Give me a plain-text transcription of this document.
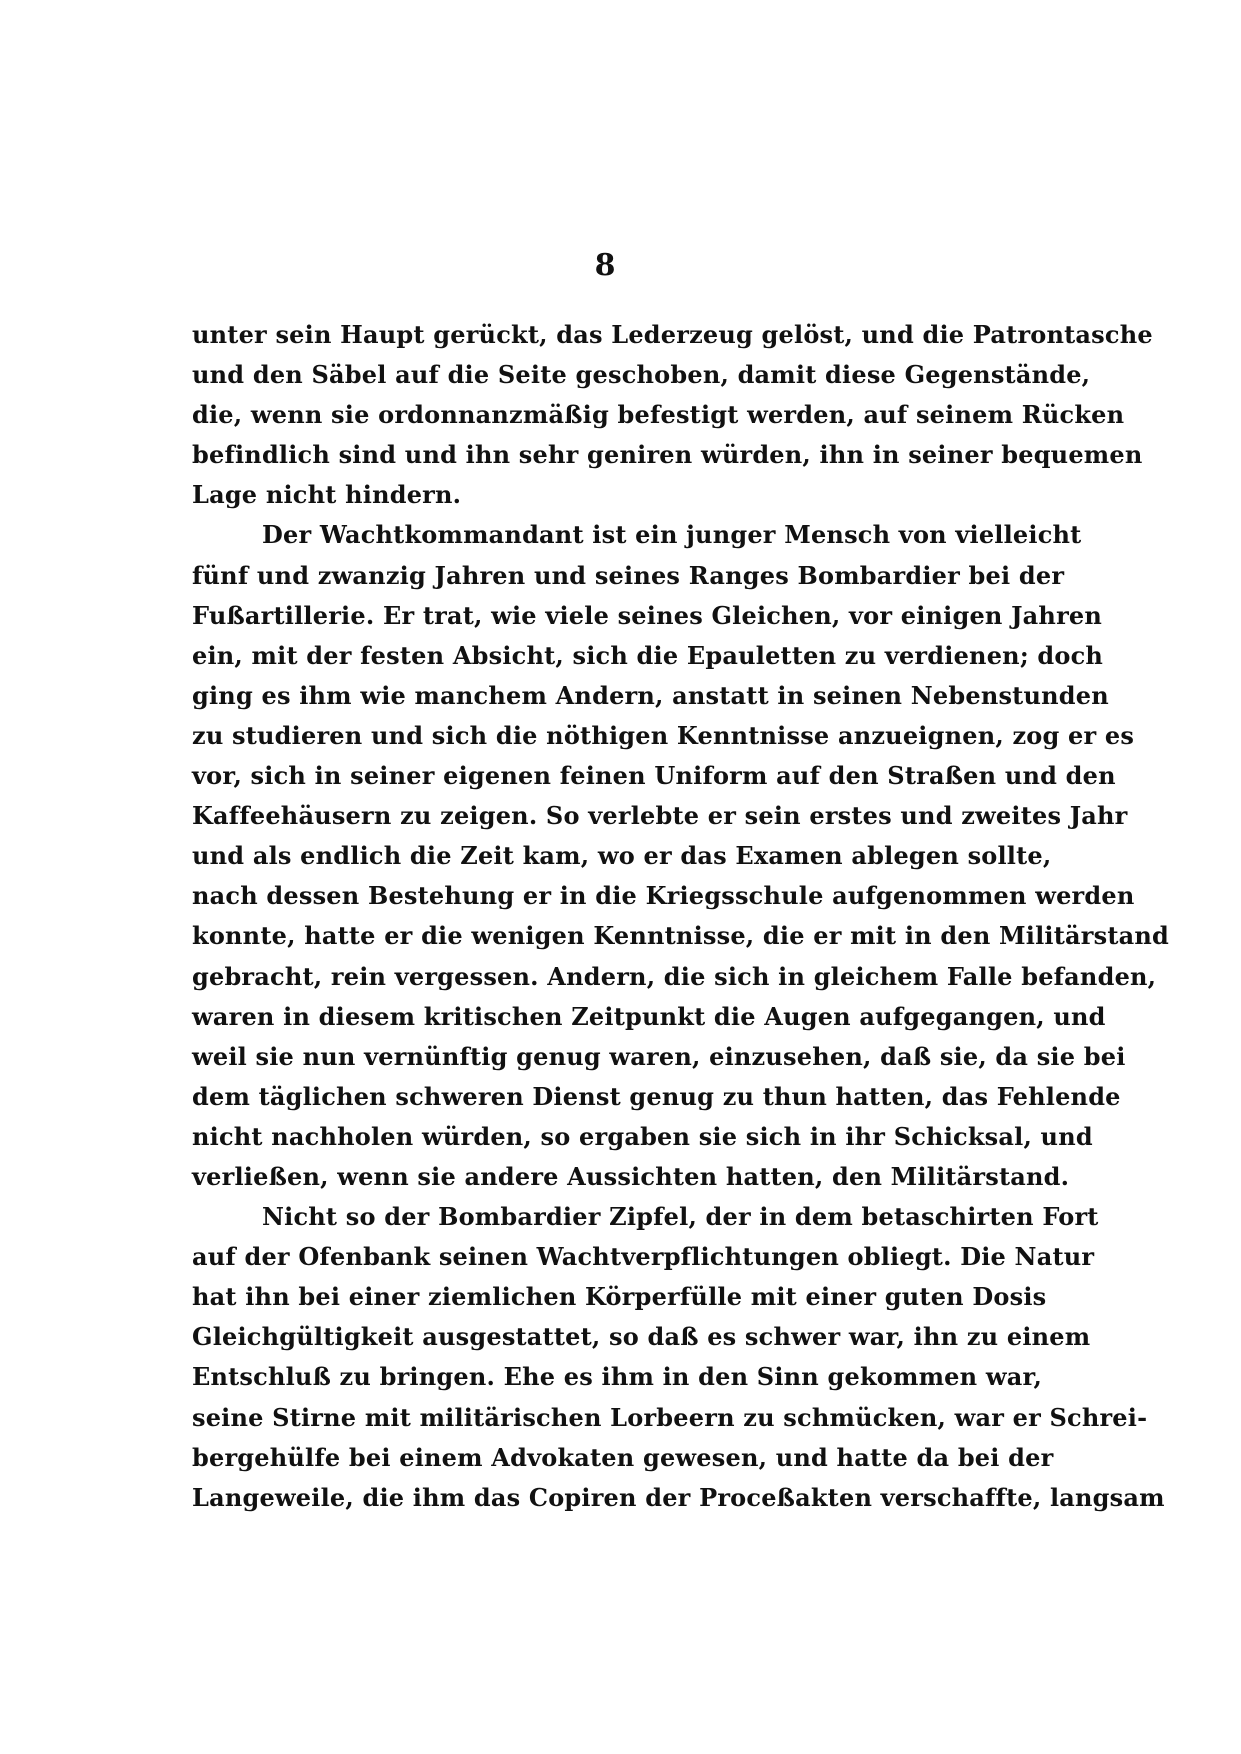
8
unter sein Haupt gerückt, das Lederzeug gelöst, und die Patrontasche
und den Säbel auf die Seite geschoben, damit diese Gegenstände,
die, wenn sie ordonnanzmäßig befestigt werden, auf seinem Rücken
befindlich sind und ihn sehr geniren würden, ihn in seiner bequemen
Lage nicht hindern.
Der Wachtkommandant ist ein junger Mensch von vielleicht
fünf und zwanzig Jahren und seines Ranges Bombardier bei der
Fußartillerie. Er trat, wie viele seines Gleichen, vor einigen Jahren
ein, mit der festen Absicht, sich die Epauletten zu verdienen; doch
ging es ihm wie manchem Andern, anstatt in seinen Nebenstunden
zu studieren und sich die nöthigen Kenntnisse anzueignen, zog er es
vor, sich in seiner eigenen feinen Uniform auf den Straßen und den
Kaffeehäusern zu zeigen. So verlebte er sein erstes und zweites Jahr
und als endlich die Zeit kam, wo er das Examen ablegen sollte,
nach dessen Bestehung er in die Kriegsschule aufgenommen werden
konnte, hatte er die wenigen Kenntnisse, die er mit in den Militärstand
gebracht, rein vergessen. Andern, die sich in gleichem Falle befanden,
waren in diesem kritischen Zeitpunkt die Augen aufgegangen, und
weil sie nun vernünftig genug waren, einzusehen, daß sie, da sie bei
dem täglichen schweren Dienst genug zu thun hatten, das Fehlende
nicht nachholen würden, so ergaben sie sich in ihr Schicksal, und
verließen, wenn sie andere Aussichten hatten, den Militärstand.
Nicht so der Bombardier Zipfel, der in dem betaschirten Fort
auf der Ofenbank seinen Wachtverpflichtungen obliegt. Die Natur
hat ihn bei einer ziemlichen Körperfülle mit einer guten Dosis
Gleichgültigkeit ausgestattet, so daß es schwer war, ihn zu einem
Entschluß zu bringen. Ehe es ihm in den Sinn gekommen war,
seine Stirne mit militärischen Lorbeern zu schmücken, war er Schrei-
bergehülfe bei einem Advokaten gewesen, und hatte da bei der
Langeweile, die ihm das Copiren der Proceßakten verschaffte, langsam
